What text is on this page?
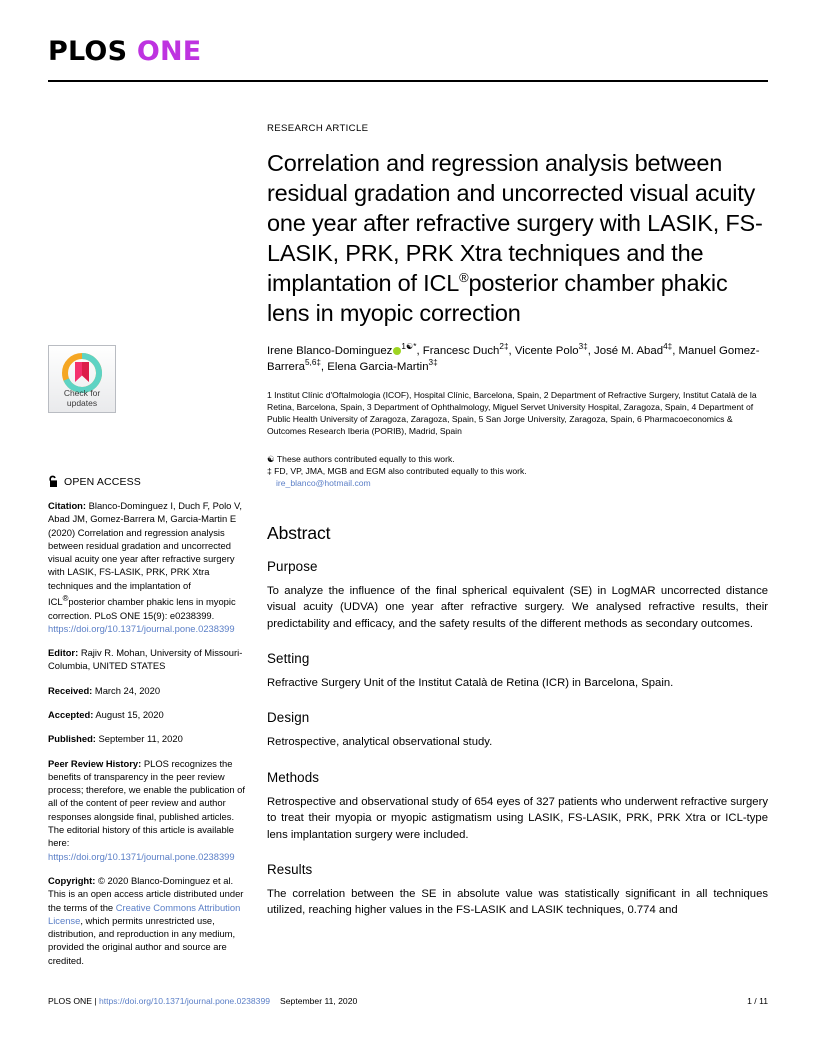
PLOS ONE
Check for
updates
OPEN ACCESS

Citation: Blanco-Dominguez I, Duch F, Polo V, Abad JM, Gomez-Barrera M, Garcia-Martin E (2020) Correlation and regression analysis between residual gradation and uncorrected visual acuity one year after refractive surgery with LASIK, FS-LASIK, PRK, PRK Xtra techniques and the implantation of ICL®posterior chamber phakic lens in myopic correction. PLoS ONE 15(9): e0238399.
https://doi.org/10.1371/journal.pone.0238399

Editor: Rajiv R. Mohan, University of Missouri-Columbia, UNITED STATES

Received: March 24, 2020

Accepted: August 15, 2020

Published: September 11, 2020

Peer Review History: PLOS recognizes the benefits of transparency in the peer review process; therefore, we enable the publication of all of the content of peer review and author responses alongside final, published articles. The editorial history of this article is available here:
https://doi.org/10.1371/journal.pone.0238399

Copyright: © 2020 Blanco-Dominguez et al. This is an open access article distributed under the terms of the Creative Commons Attribution License, which permits unrestricted use, distribution, and reproduction in any medium, provided the original author and source are credited.

RESEARCH ARTICLE

Correlation and regression analysis between residual gradation and uncorrected visual acuity one year after refractive surgery with LASIK, FS-LASIK, PRK, PRK Xtra techniques and the implantation of ICL®posterior chamber phakic lens in myopic correction

Irene Blanco-Dominguez $^{1☯*}$, Francesc Duch$^{2\ddagger}$, Vicente Polo$^{3\ddagger}$, José M. Abad$^{4\ddagger}$, Manuel Gomez-Barrera$^{5,6\ddagger}$, Elena Garcia-Martin$^{3\ddagger}$

1 Institut Clínic d'Oftalmologia (ICOF), Hospital Clínic, Barcelona, Spain, 2 Department of Refractive Surgery, Institut Català de la Retina, Barcelona, Spain, 3 Department of Ophthalmology, Miguel Servet University Hospital, Zaragoza, Spain, 4 Department of Public Health University of Zaragoza, Zaragoza, Spain, 5 San Jorge University, Zaragoza, Spain, 6 Pharmacoeconomics & Outcomes Research Iberia (PORIB), Madrid, Spain

☯ These authors contributed equally to this work.
‡ FD, VP, JMA, MGB and EGM also contributed equally to this work.
ire_blanco@hotmail.com
Abstract
Purpose

To analyze the influence of the final spherical equivalent (SE) in LogMAR uncorrected distance visual acuity (UDVA) one year after refractive surgery. We analysed refractive results, their predictability and efficacy, and the safety results of the different methods as secondary outcomes.

Setting

Refractive Surgery Unit of the Institut Català de Retina (ICR) in Barcelona, Spain.

Design

Retrospective, analytical observational study.

Methods

Retrospective and observational study of 654 eyes of 327 patients who underwent refractive surgery to treat their myopia or myopic astigmatism using LASIK, FS-LASIK, PRK, PRK Xtra or ICL-type lens implantation surgery were included.

Results

The correlation between the SE in absolute value was statistically significant in all techniques utilized, reaching higher values in the FS-LASIK and LASIK techniques, 0.774 and

PLOS ONE | https://doi.org/10.1371/journal.pone.0238399 September 11, 2020	1 / 11
